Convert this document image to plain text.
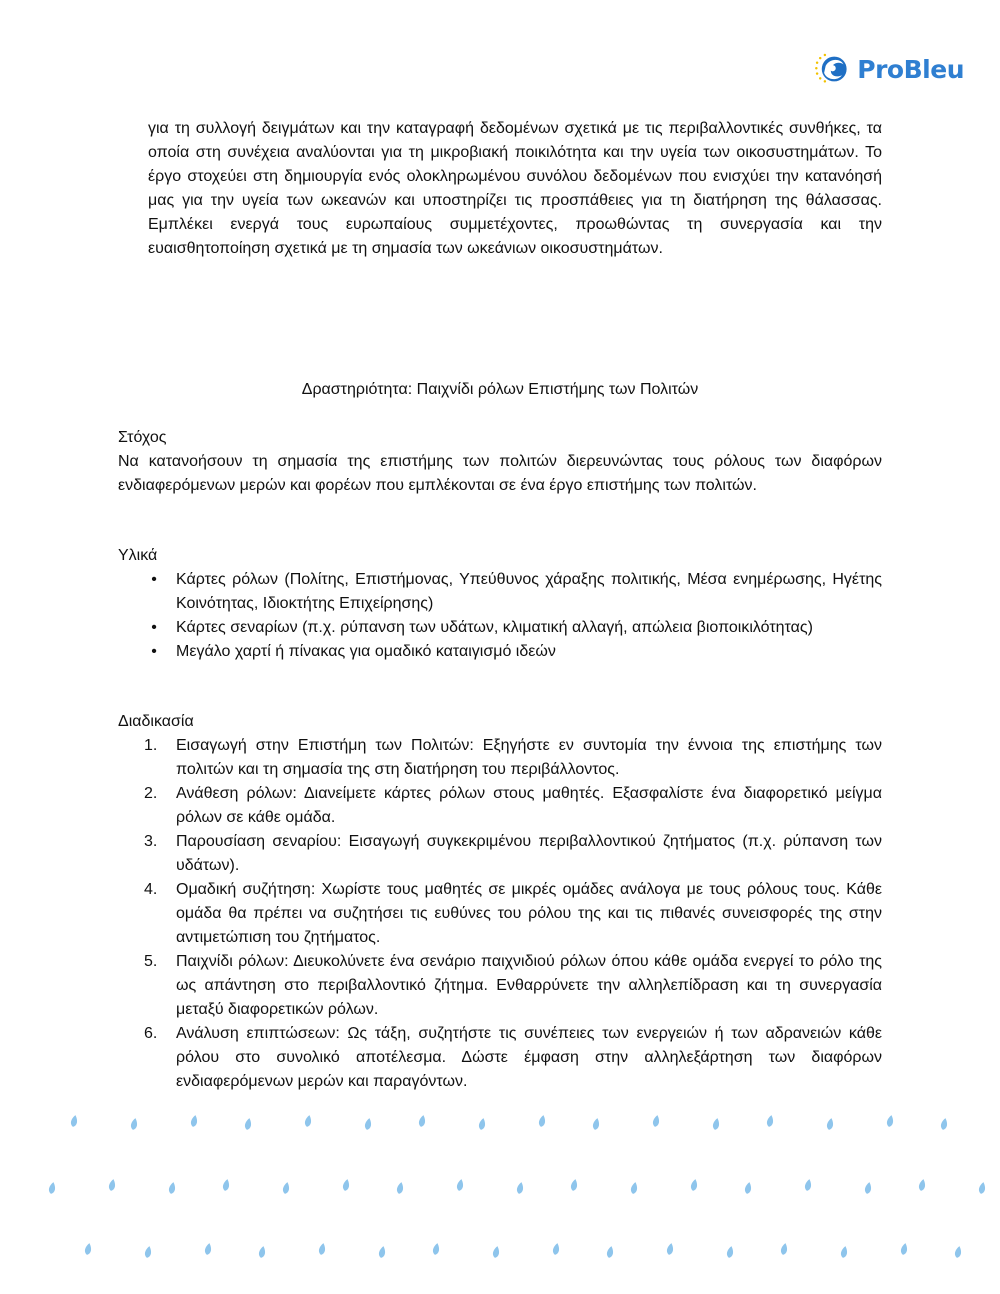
ProBleu

για τη συλλογή δειγμάτων και την καταγραφή δεδομένων σχετικά με τις περιβαλλοντικές συνθήκες, τα οποία στη συνέχεια αναλύονται για τη μικροβιακή ποικιλότητα και την υγεία των οικοσυστημάτων. Το έργο στοχεύει στη δημιουργία ενός ολοκληρωμένου συνόλου δεδομένων που ενισχύει την κατανόησή μας για την υγεία των ωκεανών και υποστηρίζει τις προσπάθειες για τη διατήρηση της θάλασσας. Εμπλέκει ενεργά τους ευρωπαίους συμμετέχοντες, προωθώντας τη συνεργασία και την ευαισθητοποίηση σχετικά με τη σημασία των ωκεάνιων οικοσυστημάτων.

Δραστηριότητα: Παιχνίδι ρόλων Επιστήμης των Πολιτών
Στόχος

Να κατανοήσουν τη σημασία της επιστήμης των πολιτών διερευνώντας τους ρόλους των διαφόρων ενδιαφερόμενων μερών και φορέων που εμπλέκονται σε ένα έργο επιστήμης των πολιτών.

Υλικά
•	Κάρτες ρόλων (Πολίτης, Επιστήμονας, Υπεύθυνος χάραξης πολιτικής, Μέσα ενημέρωσης, Ηγέτης Κοινότητας, Ιδιοκτήτης Επιχείρησης)
•	Κάρτες σεναρίων (π.χ. ρύπανση των υδάτων, κλιματική αλλαγή, απώλεια βιοποικιλότητας)
•	Μεγάλο χαρτί ή πίνακας για ομαδικό καταιγισμό ιδεών
Διαδικασία
1.	Εισαγωγή στην Επιστήμη των Πολιτών: Εξηγήστε εν συντομία την έννοια της επιστήμης των πολιτών και τη σημασία της στη διατήρηση του περιβάλλοντος.
2.	Ανάθεση ρόλων: Διανείμετε κάρτες ρόλων στους μαθητές. Εξασφαλίστε ένα διαφορετικό μείγμα ρόλων σε κάθε ομάδα.
3.	Παρουσίαση σεναρίου: Εισαγωγή συγκεκριμένου περιβαλλοντικού ζητήματος (π.χ. ρύπανση των υδάτων).
4.	Ομαδική συζήτηση: Χωρίστε τους μαθητές σε μικρές ομάδες ανάλογα με τους ρόλους τους. Κάθε ομάδα θα πρέπει να συζητήσει τις ευθύνες του ρόλου της και τις πιθανές συνεισφορές της στην αντιμετώπιση του ζητήματος.
5.	Παιχνίδι ρόλων: Διευκολύνετε ένα σενάριο παιχνιδιού ρόλων όπου κάθε ομάδα ενεργεί το ρόλο της ως απάντηση στο περιβαλλοντικό ζήτημα. Ενθαρρύνετε την αλληλεπίδραση και τη συνεργασία μεταξύ διαφορετικών ρόλων.
6.	Ανάλυση επιπτώσεων: Ως τάξη, συζητήστε τις συνέπειες των ενεργειών ή των αδρανειών κάθε ρόλου στο συνολικό αποτέλεσμα. Δώστε έμφαση στην αλληλεξάρτηση των διαφόρων ενδιαφερόμενων μερών και παραγόντων.
